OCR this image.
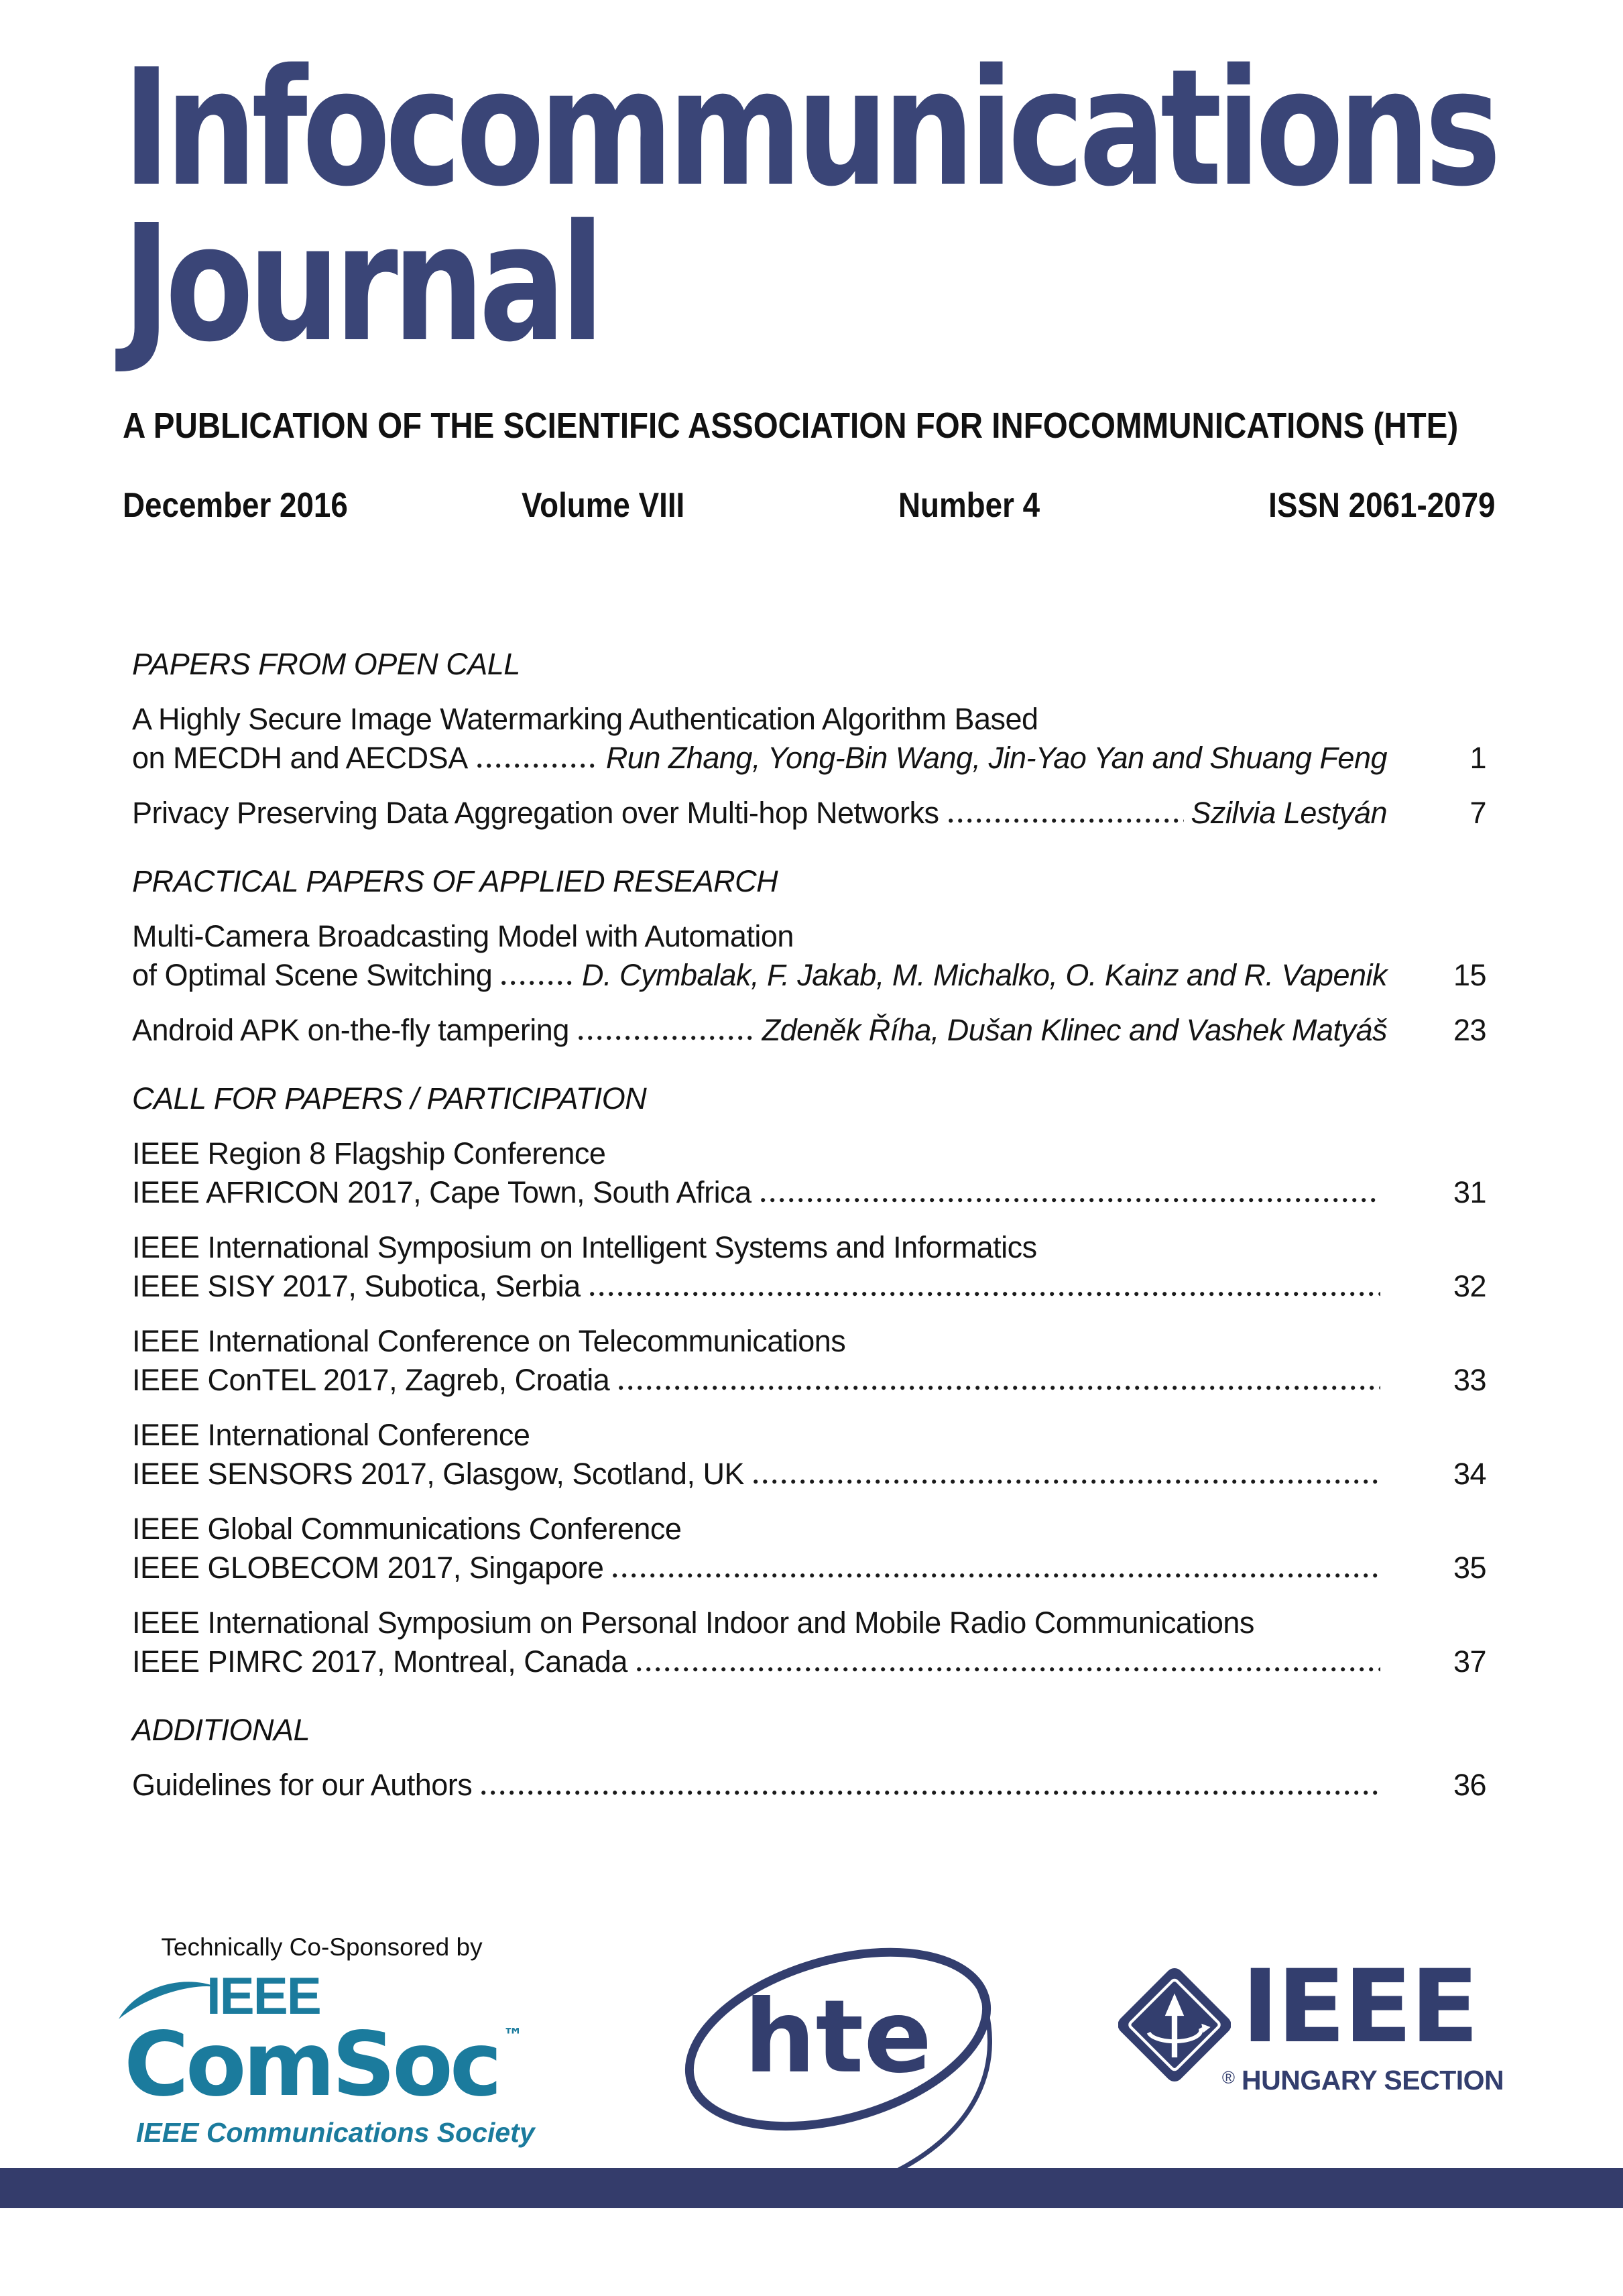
Infocommunications
Journal
A PUBLICATION OF THE SCIENTIFIC ASSOCIATION FOR INFOCOMMUNICATIONS (HTE)
December 2016	Volume VIII	Number 4	ISSN 2061-2079
PAPERS FROM OPEN CALL
A Highly Secure Image Watermarking Authentication Algorithm Based
on MECDH and AECDSA	Run Zhang, Yong-Bin Wang, Jin-Yao Yan and Shuang Feng	1
Privacy Preserving Data Aggregation over Multi-hop Networks	Szilvia Lestyán	7
PRACTICAL PAPERS OF APPLIED RESEARCH
Multi-Camera Broadcasting Model with Automation
of Optimal Scene Switching	D. Cymbalak, F. Jakab, M. Michalko, O. Kainz and R. Vapenik 15
Android APK on-the-fly tampering	Zdeněk Říha, Dušan Klinec and Vashek Matyáš 23
CALL FOR PAPERS / PARTICIPATION
IEEE Region 8 Flagship Conference
IEEE AFRICON 2017, Cape Town, South Africa	31
IEEE International Symposium on Intelligent Systems and Informatics
IEEE SISY 2017, Subotica, Serbia	32
IEEE International Conference on Telecommunications
IEEE ConTEL 2017, Zagreb, Croatia	33
IEEE International Conference
IEEE SENSORS 2017, Glasgow, Scotland, UK	34
IEEE Global Communications Conference
IEEE GLOBECOM 2017, Singapore	35
IEEE International Symposium on Personal Indoor and Mobile Radio Communications
IEEE PIMRC 2017, Montreal, Canada	37
ADDITIONAL
Guidelines for our Authors	36
Technically Co-Sponsored by
IEEE
ComSoc ™
IEEE Communications Society
hte	®
IEEE
HUNGARY SECTION
